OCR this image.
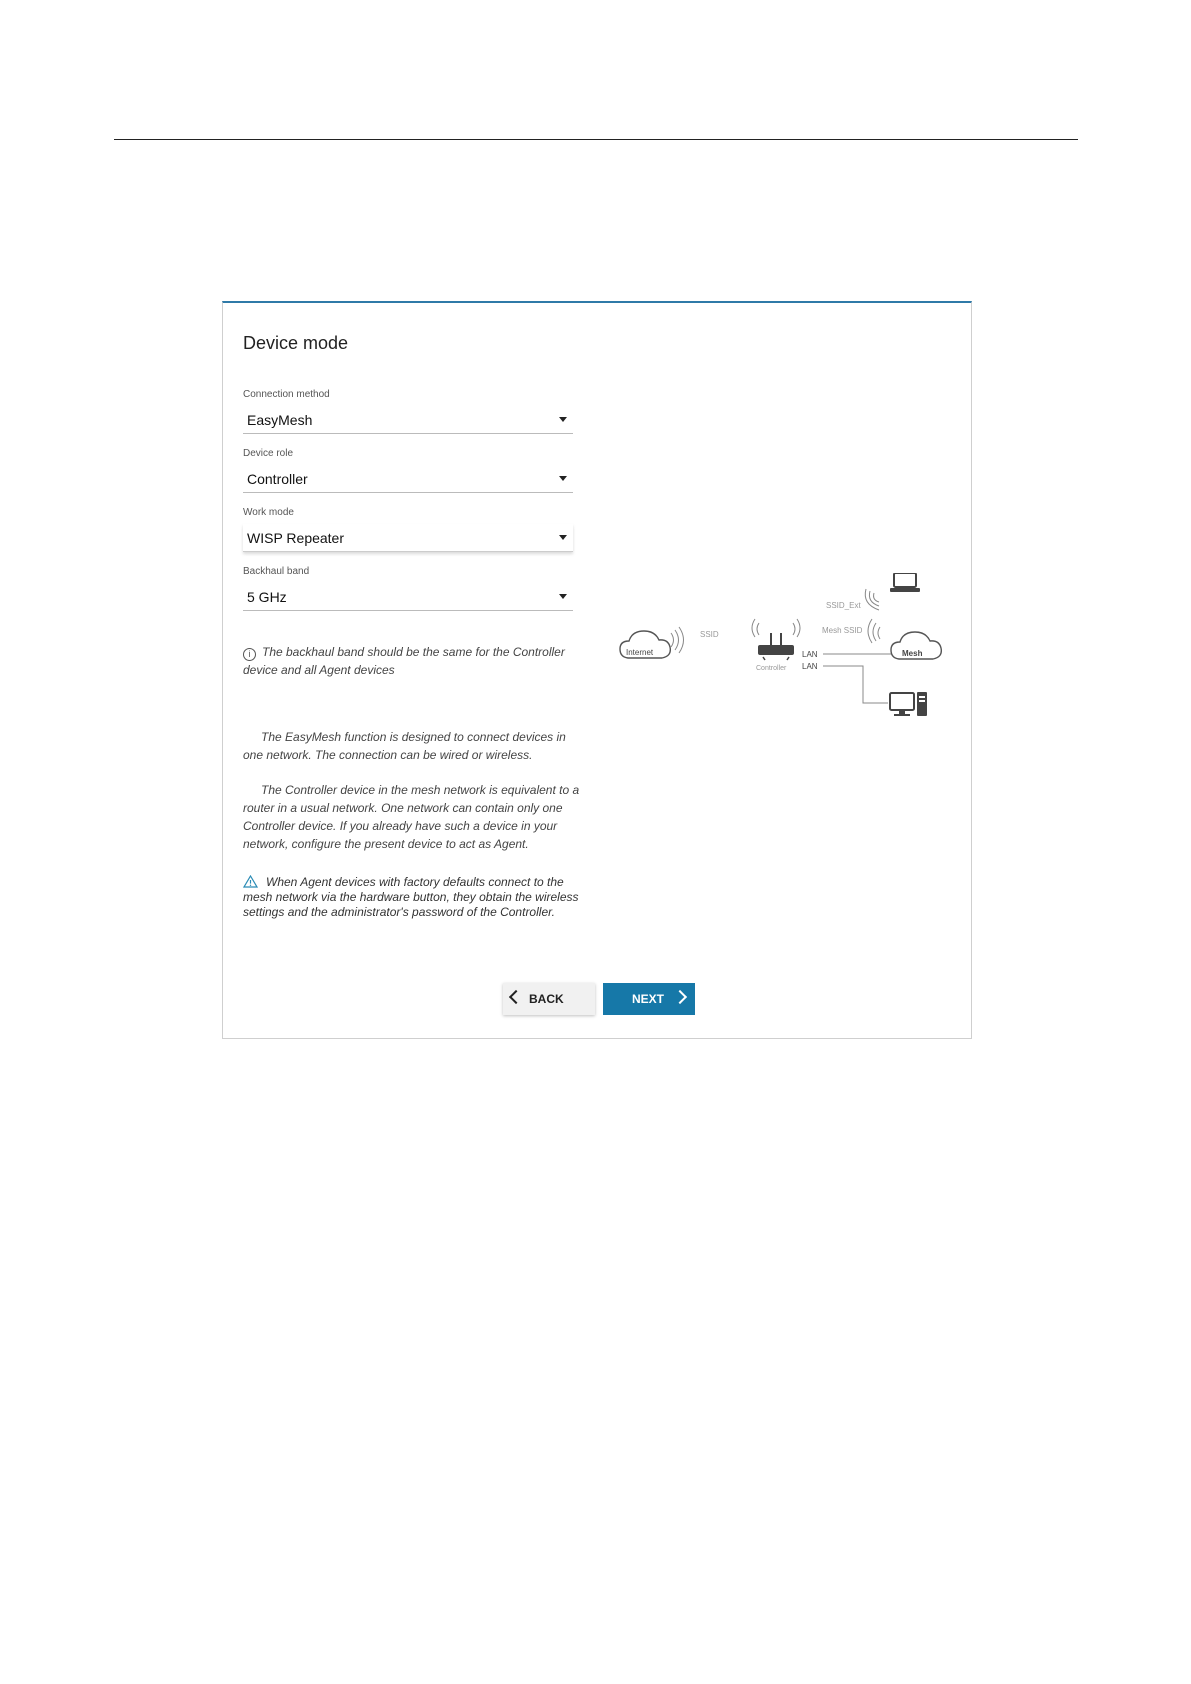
Device mode
Connection method
EasyMesh
Device role
Controller
Work mode
WISP Repeater
Backhaul band
5 GHz
i The backhaul band should be the same for the Controller device and all Agent devices
The EasyMesh function is designed to connect devices in one network. The connection can be wired or wireless.
The Controller device in the mesh network is equivalent to a router in a usual network. One network can contain only one Controller device. If you already have such a device in your network, configure the present device to act as Agent.
When Agent devices with factory defaults connect to the mesh network via the hardware button, they obtain the wireless settings and the administrator's password of the Controller.
Internet
SSID
Controller
LAN
LAN
SSID_Ext
Mesh SSID
Mesh
BACK	NEXT
